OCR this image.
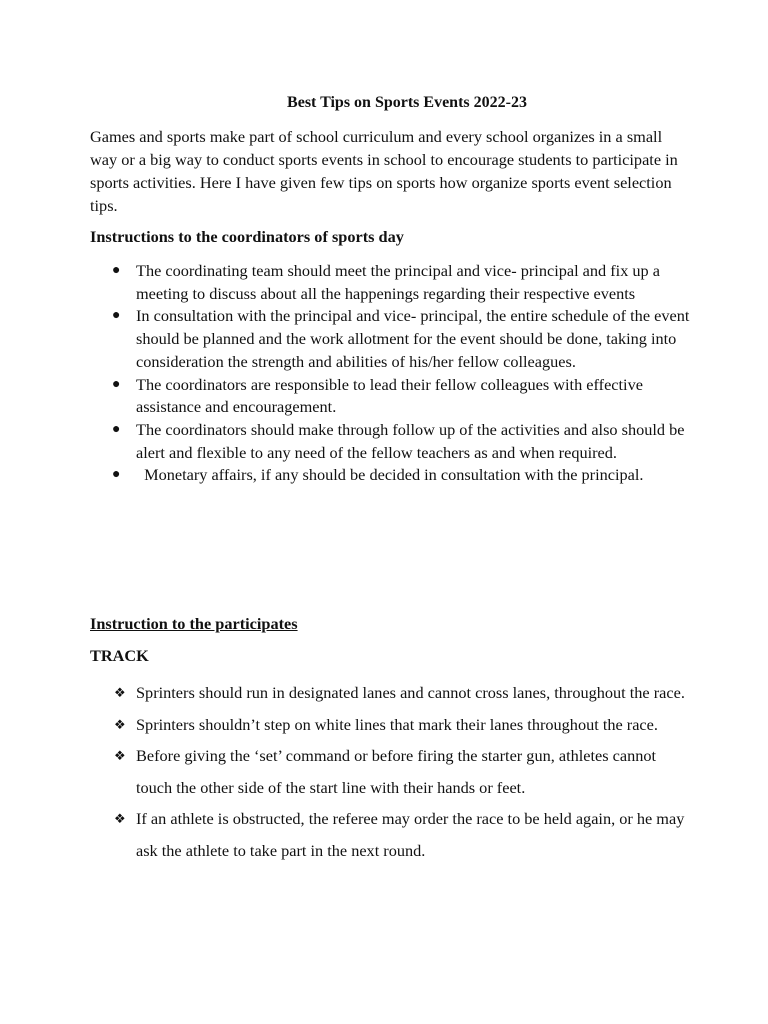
Best Tips on Sports Events 2022-23

Games and sports make part of school curriculum and every school organizes in a small way or a big way to conduct sports events in school to encourage students to participate in sports activities. Here I have given few tips on sports how organize sports event selection tips.

Instructions to the coordinators of sports day

● The coordinating team should meet the principal and vice- principal and fix up a meeting to discuss about all the happenings regarding their respective events
● In consultation with the principal and vice- principal, the entire schedule of the event should be planned and the work allotment for the event should be done, taking into consideration the strength and abilities of his/her fellow colleagues.
● The coordinators are responsible to lead their fellow colleagues with effective assistance and encouragement.
● The coordinators should make through follow up of the activities and also should be alert and flexible to any need of the fellow teachers as and when required.
● Monetary affairs, if any should be decided in consultation with the principal.

Instruction to the participates

TRACK

❖ Sprinters should run in designated lanes and cannot cross lanes, throughout the race.
❖ Sprinters shouldn’t step on white lines that mark their lanes throughout the race.
❖ Before giving the ‘set’ command or before firing the starter gun, athletes cannot touch the other side of the start line with their hands or feet.
❖ If an athlete is obstructed, the referee may order the race to be held again, or he may ask the athlete to take part in the next round.
